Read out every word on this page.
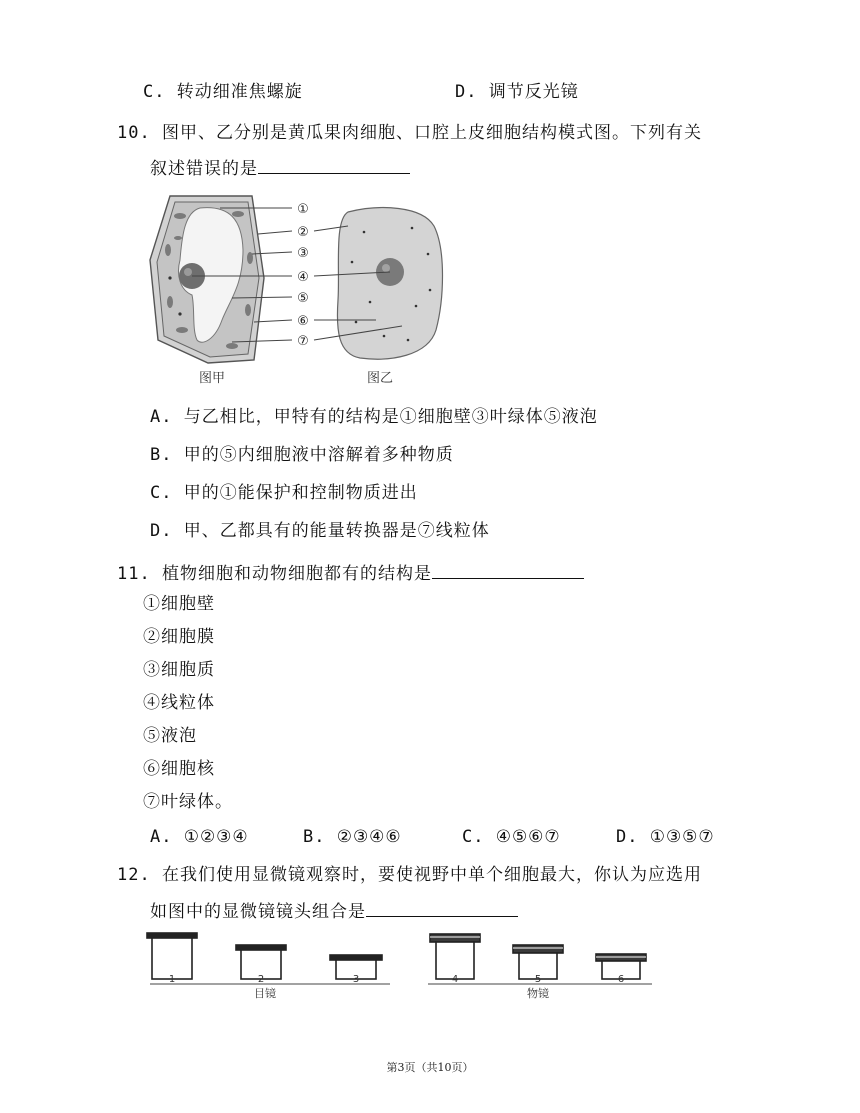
C. 转动细准焦螺旋	D. 调节反光镜
10. 图甲、乙分别是黄瓜果肉细胞、口腔上皮细胞结构模式图。下列有关
叙述错误的是
①
②
③
④
⑤
⑥
⑦
图甲	图乙
A. 与乙相比，甲特有的结构是①细胞壁③叶绿体⑤液泡
B. 甲的⑤内细胞液中溶解着多种物质
C. 甲的①能保护和控制物质进出
D. 甲、乙都具有的能量转换器是⑦线粒体
11. 植物细胞和动物细胞都有的结构是
①细胞壁
②细胞膜
③细胞质
④线粒体
⑤液泡
⑥细胞核
⑦叶绿体。
A. ①②③④	B. ②③④⑥	C. ④⑤⑥⑦	D. ①③⑤⑦
12. 在我们使用显微镜观察时，要使视野中单个细胞最大，你认为应选用
如图中的显微镜镜头组合是
1	2	3	4	5	6
目镜	物镜
第3页（共10页）
